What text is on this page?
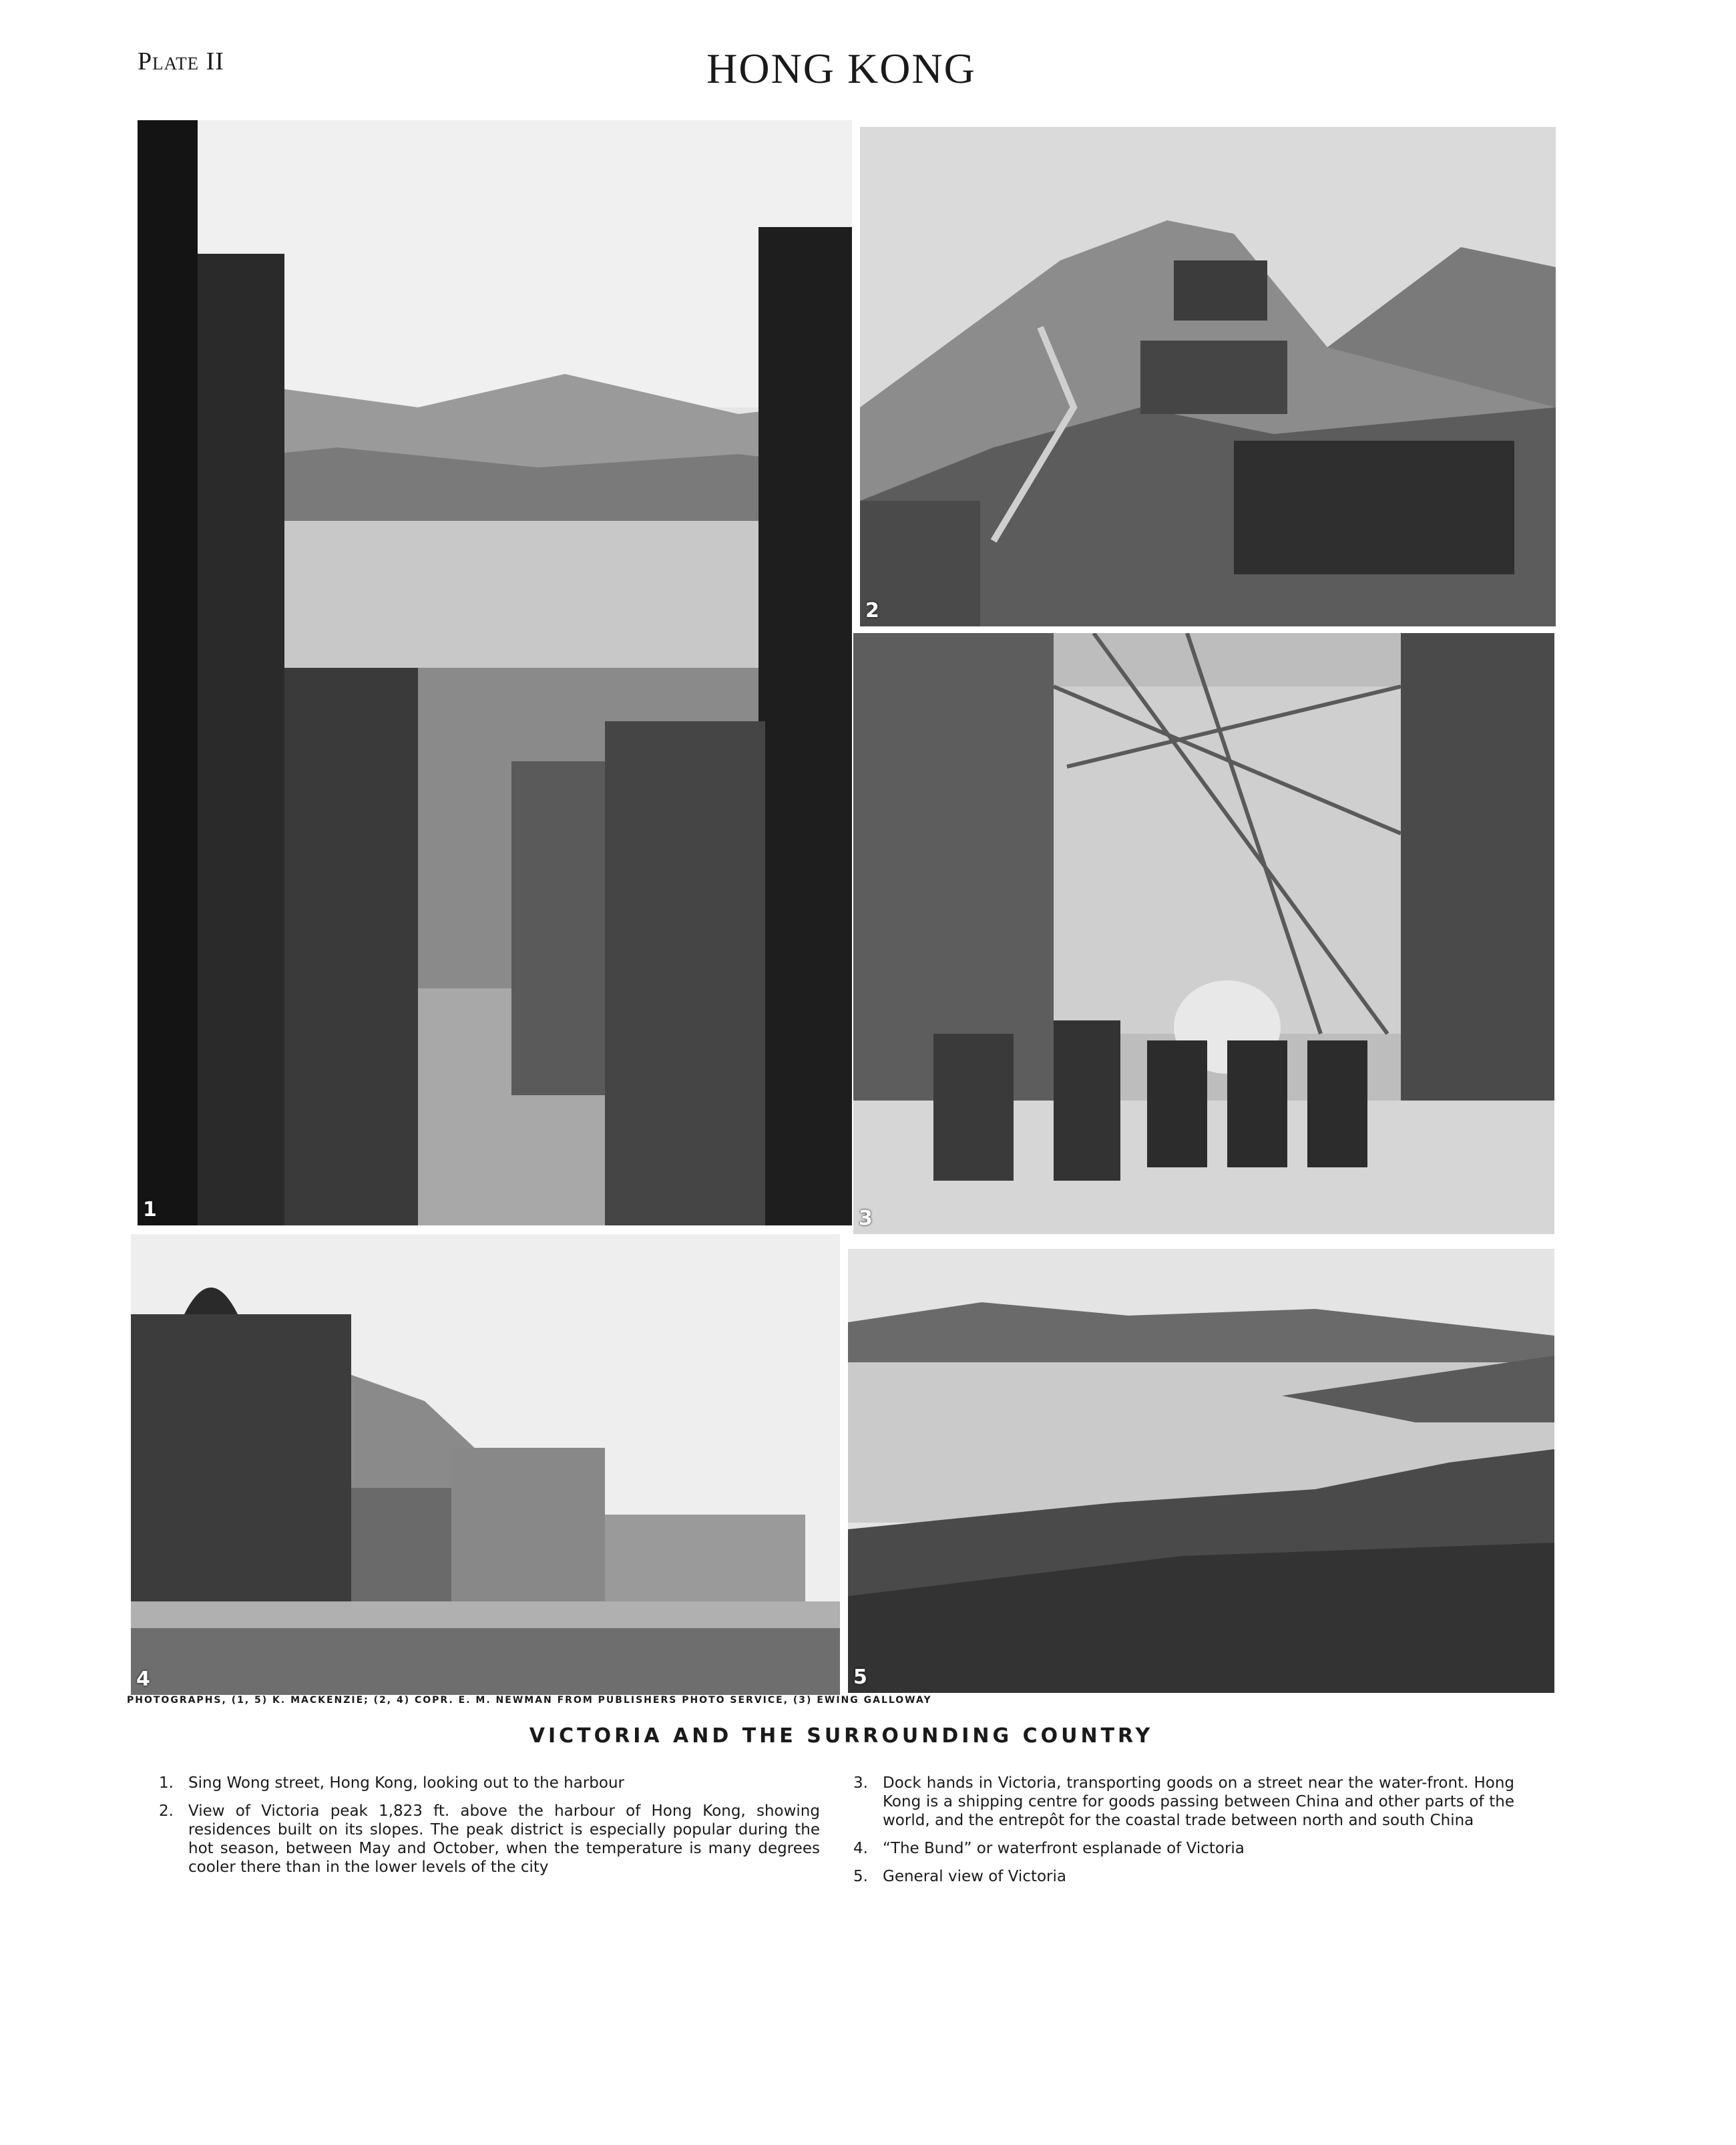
Plate II	HONG KONG
1
2
3
4	5
PHOTOGRAPHS, (1, 5) K. MACKENZIE; (2, 4) COPR. E. M. NEWMAN FROM PUBLISHERS PHOTO SERVICE, (3) EWING GALLOWAY
VICTORIA AND THE SURROUNDING COUNTRY
1. Sing Wong street, Hong Kong, looking out to the harbour
2. View of Victoria peak 1,823 ft. above the harbour of Hong Kong, showing residences built on its slopes. The peak district is especially popular during the hot season, between May and October, when the temperature is many degrees cooler there than in the lower levels of the city
3. Dock hands in Victoria, transporting goods on a street near the water-front. Hong Kong is a shipping centre for goods passing between China and other parts of the world, and the entrepôt for the coastal trade between north and south China
4. “The Bund” or waterfront esplanade of Victoria
5. General view of Victoria
